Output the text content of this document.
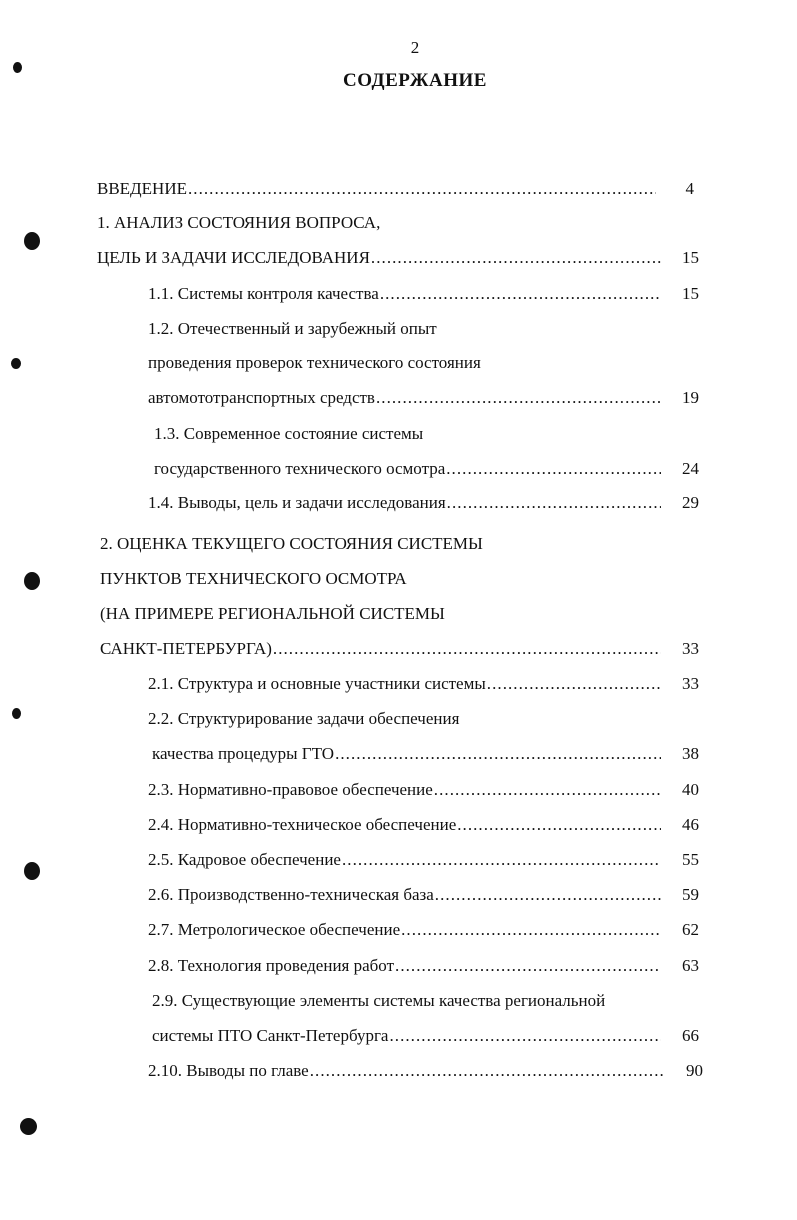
2
СОДЕРЖАНИЕ
ВВЕДЕНИЕ . . .	4
1. АНАЛИЗ СОСТОЯНИЯ ВОПРОСА,
ЦЕЛЬ И ЗАДАЧИ ИССЛЕДОВАНИЯ . . .	15
1.1. Системы контроля качества . . .	15
1.2. Отечественный и зарубежный опыт
проведения проверок технического состояния
автомототранспортных средств . . .	19
1.3. Современное состояние системы
государственного технического осмотра . . .	24
1.4. Выводы, цель и задачи исследования . . .	29
2. ОЦЕНКА ТЕКУЩЕГО СОСТОЯНИЯ СИСТЕМЫ
ПУНКТОВ ТЕХНИЧЕСКОГО ОСМОТРА
(НА ПРИМЕРЕ РЕГИОНАЛЬНОЙ СИСТЕМЫ
САНКТ-ПЕТЕРБУРГА) . . .	33
2.1. Структура и основные участники системы . . .	33
2.2. Структурирование задачи обеспечения
качества процедуры ГТО . . .	38
2.3. Нормативно-правовое обеспечение . . .	40
2.4. Нормативно-техническое обеспечение . . .	46
2.5. Кадровое обеспечение . . .	55
2.6. Производственно-техническая база . . .	59
2.7. Метрологическое обеспечение . . .	62
2.8. Технология проведения работ . . .	63
2.9. Существующие элементы системы качества региональной
системы ПТО Санкт-Петербурга . . .	66
2.10. Выводы по главе . . .	90
